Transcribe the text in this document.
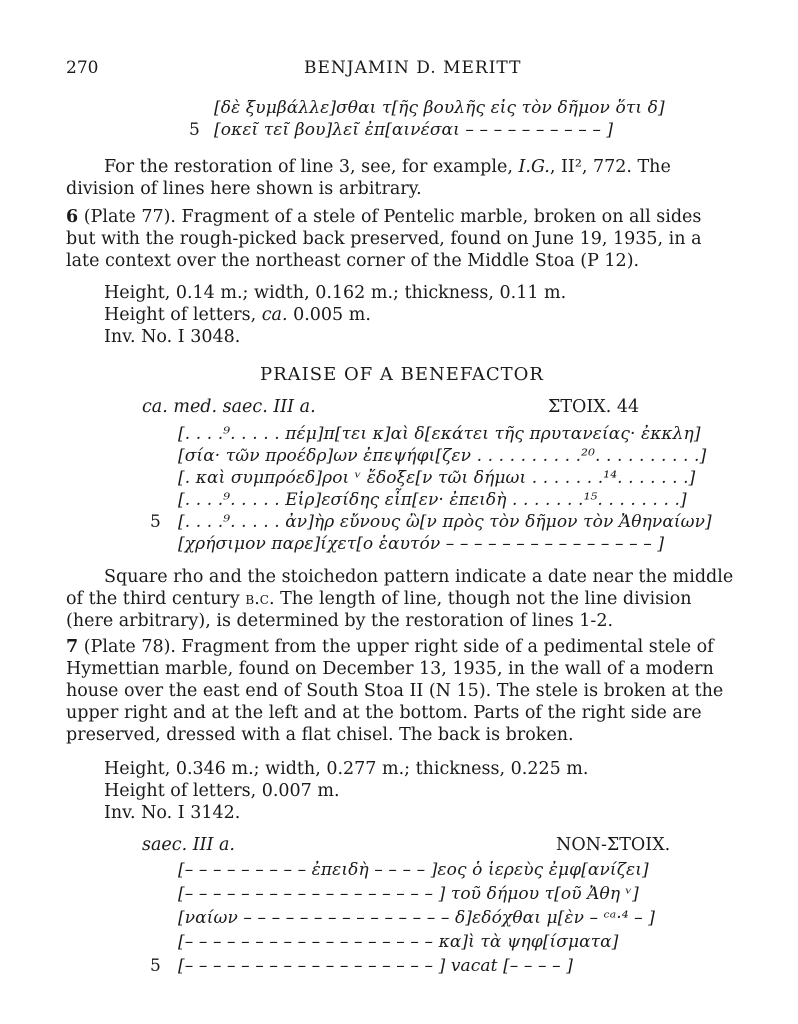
270	BENJAMIN D. MERITT
[δὲ ξυμβάλλε]σθαι τ[ῆς βουλῆς εἰς τὸν δῆμον ὅτι δ]
5 [οκεῖ τεῖ βου]λεῖ ἐπ[αινέσαι – – – – – – – – – – ]
For the restoration of line 3, see, for example, I.G., II², 772. The division of lines here shown is arbitrary.
6 (Plate 77). Fragment of a stele of Pentelic marble, broken on all sides but with the rough-picked back preserved, found on June 19, 1935, in a late context over the northeast corner of the Middle Stoa (P 12).
Height, 0.14 m.; width, 0.162 m.; thickness, 0.11 m.
Height of letters, ca. 0.005 m.
Inv. No. I 3048.
PRAISE OF A BENEFACTOR
ca. med. saec. III a.	ΣΤΟΙΧ. 44
[. . . .⁹. . . . . πέμ]π[τει κ]αὶ δ[εκάτει τῆς πρυτανείας· ἐκκλη]
[σία· τῶν προέδρ]ων ἐπεψήφι[ζεν . . . . . . . . . .²⁰. . . . . . . . . .]
[. καὶ συμπρόεδ]ροι ᵛ ἔδοξε[ν τῶι δήμωι . . . . . . .¹⁴. . . . . . .]
[. . . .⁹. . . . . Εἰρ]εσίδης εἶπ[εν· ἐπειδὴ . . . . . . .¹⁵. . . . . . . .]
5 [. . . .⁹. . . . . ἀν]ὴρ εὔνους ὢ[ν πρὸς τὸν δῆμον τὸν Ἀθηναίων]
[χρήσιμον παρε]ίχετ[ο ἑαυτόν – – – – – – – – – – – – – – – ]
Square rho and the stoichedon pattern indicate a date near the middle of the third century b.c. The length of line, though not the line division (here arbitrary), is determined by the restoration of lines 1-2.
7 (Plate 78). Fragment from the upper right side of a pedimental stele of Hymettian marble, found on December 13, 1935, in the wall of a modern house over the east end of South Stoa II (N 15). The stele is broken at the upper right and at the left and at the bottom. Parts of the right side are preserved, dressed with a flat chisel. The back is broken.
Height, 0.346 m.; width, 0.277 m.; thickness, 0.225 m.
Height of letters, 0.007 m.
Inv. No. I 3142.
saec. III a.	NON-ΣΤΟΙΧ.
[– – – – – – – – – ἐπειδὴ – – – – ]εος ὁ ἱερεὺς ἐμφ[ανίζει]
[– – – – – – – – – – – – – – – – – – ] τοῦ δήμου τ[οῦ Ἀθη ᵛ]
[ναίων – – – – – – – – – – – – – – – δ]εδόχθαι μ[ὲν – ᶜᵃ·⁴ – ]
[– – – – – – – – – – – – – – – – – – κα]ὶ τὰ ψηφ[ίσματα]
5 [– – – – – – – – – – – – – – – – – – ] vacat [– – – – ]
